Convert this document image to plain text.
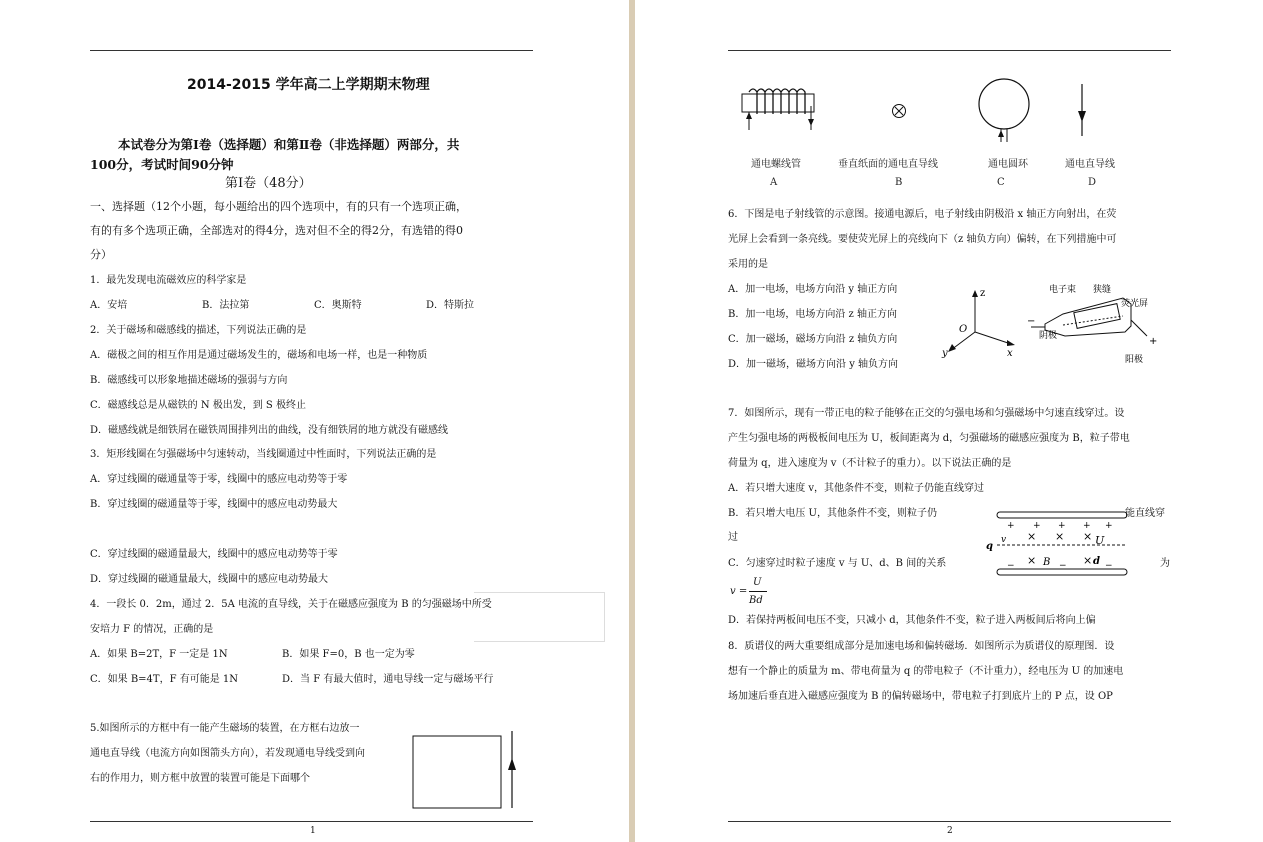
2014-2015 学年高二上学期期末物理
本试卷分为第Ⅰ卷（选择题）和第Ⅱ卷（非选择题）两部分，共
100分，考试时间90分钟
第Ⅰ卷（48分）
一、选择题（12个小题，每小题给出的四个选项中，有的只有一个选项正确，
有的有多个选项正确，全部选对的得4分，选对但不全的得2分，有选错的得0
分）
1．最先发现电流磁效应的科学家是
A．安培	B．法拉第	C．奥斯特	D．特斯拉
2．关于磁场和磁感线的描述，下列说法正确的是
A．磁极之间的相互作用是通过磁场发生的，磁场和电场一样，也是一种物质
B．磁感线可以形象地描述磁场的强弱与方向
C．磁感线总是从磁铁的 N 极出发，到 S 极终止
D．磁感线就是细铁屑在磁铁周围排列出的曲线，没有细铁屑的地方就没有磁感线
3．矩形线圈在匀强磁场中匀速转动，当线圈通过中性面时，下列说法正确的是
A．穿过线圈的磁通量等于零，线圈中的感应电动势等于零
B．穿过线圈的磁通量等于零，线圈中的感应电动势最大
C．穿过线圈的磁通量最大，线圈中的感应电动势等于零
D．穿过线圈的磁通量最大，线圈中的感应电动势最大
4．一段长 0．2m，通过 2．5A 电流的直导线，关于在磁感应强度为 B 的匀强磁场中所受
安培力 F 的情况，正确的是
A．如果 B=2T，F 一定是 1N	B．如果 F=0，B 也一定为零
C．如果 B=4T，F 有可能是 1N	D．当 F 有最大值时，通电导线一定与磁场平行
5.如图所示的方框中有一能产生磁场的装置，在方框右边放一
通电直导线（电流方向如图箭头方向），若发现通电导线受到向
右的作用力，则方框中放置的装置可能是下面哪个
1
通电螺线管	垂直纸面的通电直导线	通电圆环	通电直导线
A	B	C	D
6．下图是电子射线管的示意图。接通电源后，电子射线由阴极沿 x 轴正方向射出，在荧
光屏上会看到一条亮线。要使荧光屏上的亮线向下（z 轴负方向）偏转，在下列措施中可
采用的是
A．加一电场，电场方向沿 y 轴正方向
B．加一电场，电场方向沿 z 轴正方向
C．加一磁场，磁场方向沿 z 轴负方向
D．加一磁场，磁场方向沿 y 轴负方向
z
O
y	x
电子束 狭缝
荧光屏
阴极
阳极
−
+
7．如图所示，现有一带正电的粒子能够在正交的匀强电场和匀强磁场中匀速直线穿过。设
产生匀强电场的两极板间电压为 U，板间距离为 d，匀强磁场的磁感应强度为 B，粒子带电
荷量为 q，进入速度为 v（不计粒子的重力）。以下说法正确的是
A．若只增大速度 v，其他条件不变，则粒子仍能直线穿过
B．若只增大电压 U，其他条件不变，则粒子仍	能直线穿
过
C．匀速穿过时粒子速度 v 与 U、d、B 间的关系	为
v =
U
Bd
+ + + + +
−	−	−
× × ×
×	×
q
v	U
B	d
D．若保持两板间电压不变，只减小 d，其他条件不变，粒子进入两板间后将向上偏
8．质谱仪的两大重要组成部分是加速电场和偏转磁场．如图所示为质谱仪的原理图．设
想有一个静止的质量为 m、带电荷量为 q 的带电粒子（不计重力），经电压为 U 的加速电
场加速后垂直进入磁感应强度为 B 的偏转磁场中，带电粒子打到底片上的 P 点，设 OP
2
